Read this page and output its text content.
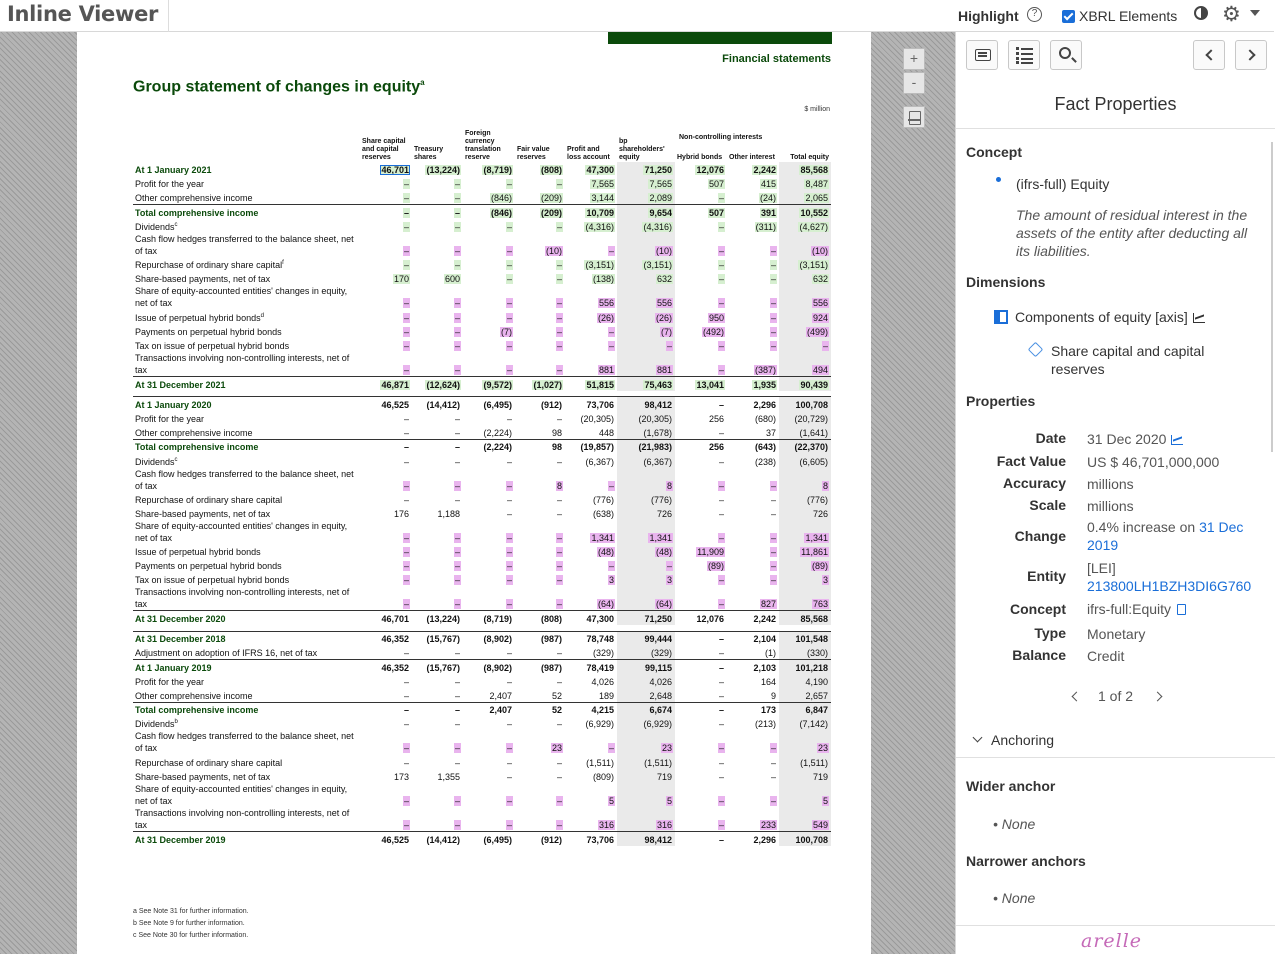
Inline Viewer	Highlight	?	XBRL Elements ⚙
Financial statements
Group statement of changes in equity$^a$
$ million

	Share capital and capital reserves	Treasury shares	Foreign currency translation reserve	Fair value reserves	Profit and loss account	bp shareholders' equity	Non-controlling interests
Hybrid bonds	Other interest	Total equity

At 1 January 2021	46,701	(13,224)	(8,719)	(808)	47,300	71,250	12,076	2,242	85,568
Profit for the year	–	–	–	–	7,565	7,565	507	415	8,487
Other comprehensive income	–	–	(846)	(209)	3,144	2,089	–	(24)	2,065
Total comprehensive income	–	–	(846)	(209)	10,709	9,654	507	391	10,552
Dividends$^c$	–	–	–	–	(4,316)	(4,316)	–	(311)	(4,627)
Cash flow hedges transferred to the balance sheet, net of tax	–	–	–	(10)	–	(10)	–	–	(10)
Repurchase of ordinary share capital$^f$	–	–	–	–	(3,151)	(3,151)	–	–	(3,151)
Share-based payments, net of tax	170	600	–	–	(138)	632	–	–	632
Share of equity-accounted entities' changes in equity, net of tax	–	–	–	–	556	556	–	–	556
Issue of perpetual hybrid bonds$^d$	–	–	–	–	(26)	(26)	950	–	924
Payments on perpetual hybrid bonds	–	–	(7)	–	–	(7)	(492)	–	(499)
Tax on issue of perpetual hybrid bonds	–	–	–	–	–	–	–	–	–
Transactions involving non-controlling interests, net of tax	–	–	–	–	881	881	–	(387)	494
At 31 December 2021	46,871	(12,624)	(9,572)	(1,027)	51,815	75,463	13,041	1,935	90,439

At 1 January 2020	46,525	(14,412)	(6,495)	(912)	73,706	98,412	–	2,296	100,708
Profit for the year	–	–	–	–	(20,305)	(20,305)	256	(680)	(20,729)
Other comprehensive income	–	–	(2,224)	98	448	(1,678)	–	37	(1,641)
Total comprehensive income	–	–	(2,224)	98	(19,857)	(21,983)	256	(643)	(22,370)
Dividends$^c$	–	–	–	–	(6,367)	(6,367)	–	(238)	(6,605)
Cash flow hedges transferred to the balance sheet, net of tax	–	–	–	8	–	8	–	–	8
Repurchase of ordinary share capital	–	–	–	–	(776)	(776)	–	–	(776)
Share-based payments, net of tax	176	1,188	–	–	(638)	726	–	–	726
Share of equity-accounted entities' changes in equity, net of tax	–	–	–	–	1,341	1,341	–	–	1,341
Issue of perpetual hybrid bonds	–	–	–	–	(48)	(48)	11,909	–	11,861
Payments on perpetual hybrid bonds	–	–	–	–	–	–	(89)	–	(89)
Tax on issue of perpetual hybrid bonds	–	–	–	–	3	3	–	–	3
Transactions involving non-controlling interests, net of tax	–	–	–	–	(64)	(64)	–	827	763
At 31 December 2020	46,701	(13,224)	(8,719)	(808)	47,300	71,250	12,076	2,242	85,568

At 31 December 2018	46,352	(15,767)	(8,902)	(987)	78,748	99,444	–	2,104	101,548
Adjustment on adoption of IFRS 16, net of tax	–	–	–	–	(329)	(329)	–	(1)	(330)
At 1 January 2019	46,352	(15,767)	(8,902)	(987)	78,419	99,115	–	2,103	101,218
Profit for the year	–	–	–	–	4,026	4,026	–	164	4,190
Other comprehensive income	–	–	2,407	52	189	2,648	–	9	2,657
Total comprehensive income	–	–	2,407	52	4,215	6,674	–	173	6,847
Dividends$^b$	–	–	–	–	(6,929)	(6,929)	–	(213)	(7,142)
Cash flow hedges transferred to the balance sheet, net of tax	–	–	–	23	–	23	–	–	23
Repurchase of ordinary share capital	–	–	–	–	(1,511)	(1,511)	–	–	(1,511)
Share-based payments, net of tax	173	1,355	–	–	(809)	719	–	–	719
Share of equity-accounted entities' changes in equity, net of tax	–	–	–	–	5	5	–	–	5
Transactions involving non-controlling interests, net of tax	–	–	–	–	316	316	–	233	549
At 31 December 2019	46,525	(14,412)	(6,495)	(912)	73,706	98,412	–	2,296	100,708
a See Note 31 for further information.
b See Note 9 for further information.
c See Note 30 for further information.
+
-
Fact Properties
Concept
(ifrs-full) Equity
The amount of residual interest in the assets of the entity after deducting all its liabilities.
Dimensions
Components of equity [axis]
Share capital and capital reserves
Properties
Date 31 Dec 2020
Fact Value US $ 46,701,000,000
Accuracy millions
Scale millions
Change
0.4% increase on 31 Dec 2019
Entity [LEI]
213800LH1BZH3DI6G760
Concept ifrs-full:Equity
Type Monetary
Balance Credit
1 of 2
Anchoring
Wider anchor
• None
Narrower anchors
• None
arelle
